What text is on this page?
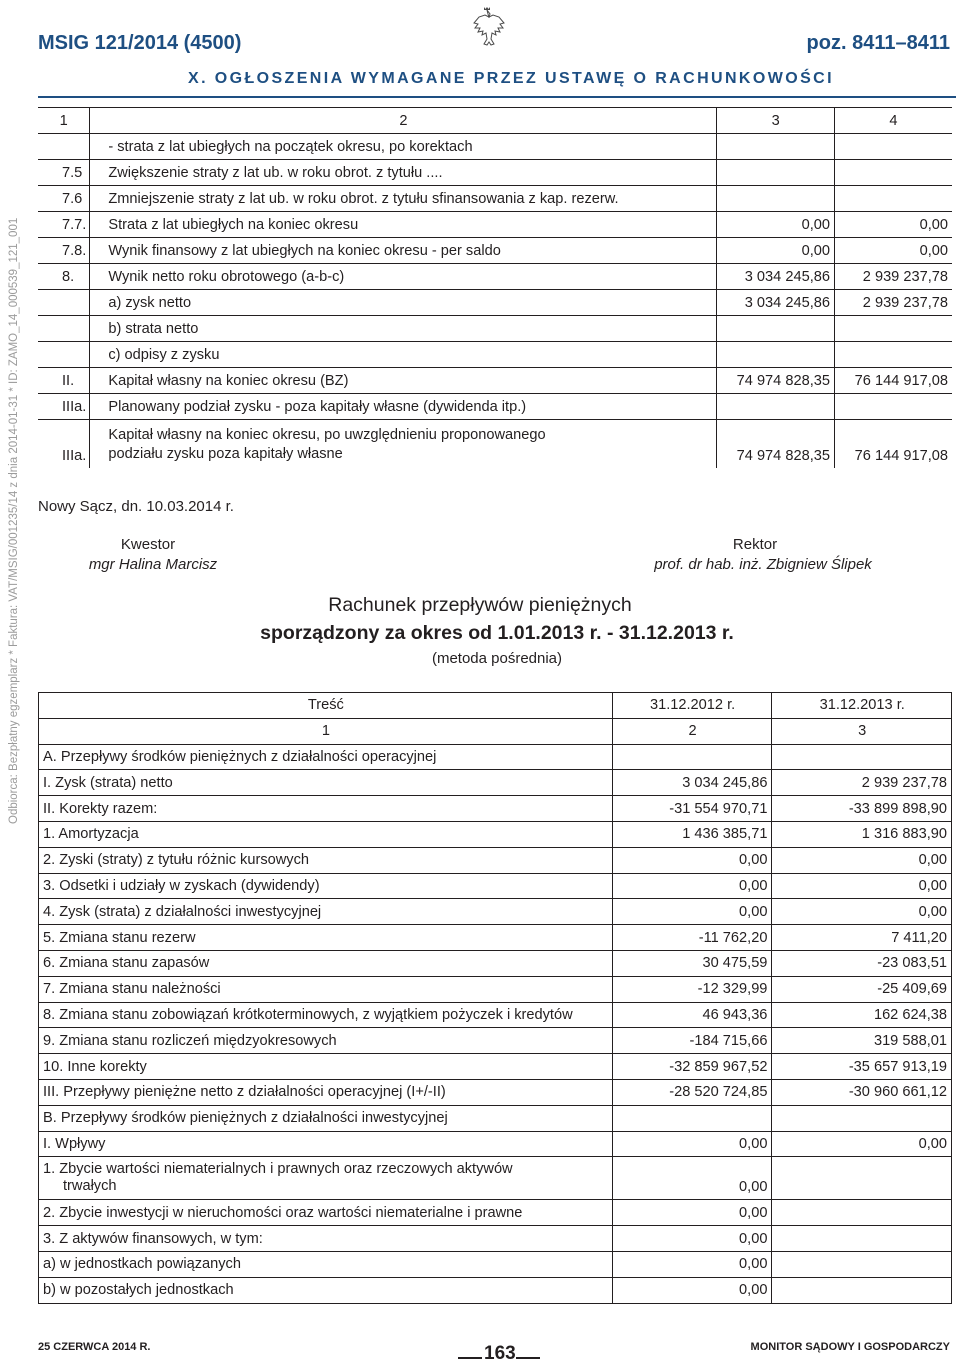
MSIG 121/2014 (4500)	poz. 8411–8411
X. OGŁOSZENIA WYMAGANE PRZEZ USTAWĘ O RACHUNKOWOŚCI
Odbiorca: Bezpłatny egzemplarz * Faktura: VAT/MSIG/001235/14 z dnia 2014-01-31 * ID: ZAMO_14_000539_121_001
1	2	3	4
	- strata z lat ubiegłych na początek okresu, po korektach		
7.5	Zwiększenie straty z lat ub. w roku obrot. z tytułu ....		
7.6	Zmniejszenie straty z lat ub. w roku obrot. z tytułu sfinansowania z kap. rezerw.		
7.7.	Strata z lat ubiegłych na koniec okresu	0,00	0,00
7.8.	Wynik finansowy z lat ubiegłych na koniec okresu - per saldo	0,00	0,00
8.	Wynik netto roku obrotowego (a-b-c)	3 034 245,86	2 939 237,78
	a) zysk netto	3 034 245,86	2 939 237,78
	b) strata netto		
	c) odpisy z zysku		
II.	Kapitał własny na koniec okresu (BZ)	74 974 828,35	76 144 917,08
IIIa.	Planowany podział zysku - poza kapitały własne (dywidenda itp.)		
IIIa.	Kapitał własny na koniec okresu, po uwzględnieniu proponowanego
podziału zysku poza kapitały własne	74 974 828,35	76 144 917,08
Nowy Sącz, dn. 10.03.2014 r.
Kwestor
mgr Halina Marcisz
Rektor
prof. dr hab. inż. Zbigniew Ślipek
Rachunek przepływów pieniężnych
sporządzony za okres od 1.01.2013 r. - 31.12.2013 r.
(metoda pośrednia)
Treść	31.12.2012 r.	31.12.2013 r.
1	2	3
A. Przepływy środków pieniężnych z działalności operacyjnej		
I. Zysk (strata) netto	3 034 245,86	2 939 237,78
II. Korekty razem:	-31 554 970,71	-33 899 898,90
1. Amortyzacja	1 436 385,71	1 316 883,90
2. Zyski (straty) z tytułu różnic kursowych	0,00	0,00
3. Odsetki i udziały w zyskach (dywidendy)	0,00	0,00
4. Zysk (strata) z działalności inwestycyjnej	0,00	0,00
5. Zmiana stanu rezerw	-11 762,20	7 411,20
6. Zmiana stanu zapasów	30 475,59	-23 083,51
7. Zmiana stanu należności	-12 329,99	-25 409,69
8. Zmiana stanu zobowiązań krótkoterminowych, z wyjątkiem pożyczek i kredytów	46 943,36	162 624,38
9. Zmiana stanu rozliczeń międzyokresowych	-184 715,66	319 588,01
10. Inne korekty	-32 859 967,52	-35 657 913,19
III. Przepływy pieniężne netto z działalności operacyjnej (I+/-II)	-28 520 724,85	-30 960 661,12
B. Przepływy środków pieniężnych z działalności inwestycyjnej		
I. Wpływy	0,00	0,00

1. Zbycie wartości niematerialnych i prawnych oraz rzeczowych aktywów
trwałych	0,00	
2. Zbycie inwestycji w nieruchomości oraz wartości niematerialne i prawne	0,00	
3. Z aktywów finansowych, w tym:	0,00	
a) w jednostkach powiązanych	0,00	
b) w pozostałych jednostkach	0,00	
25 CZERWCA 2014 R.	163	MONITOR SĄDOWY I GOSPODARCZY
